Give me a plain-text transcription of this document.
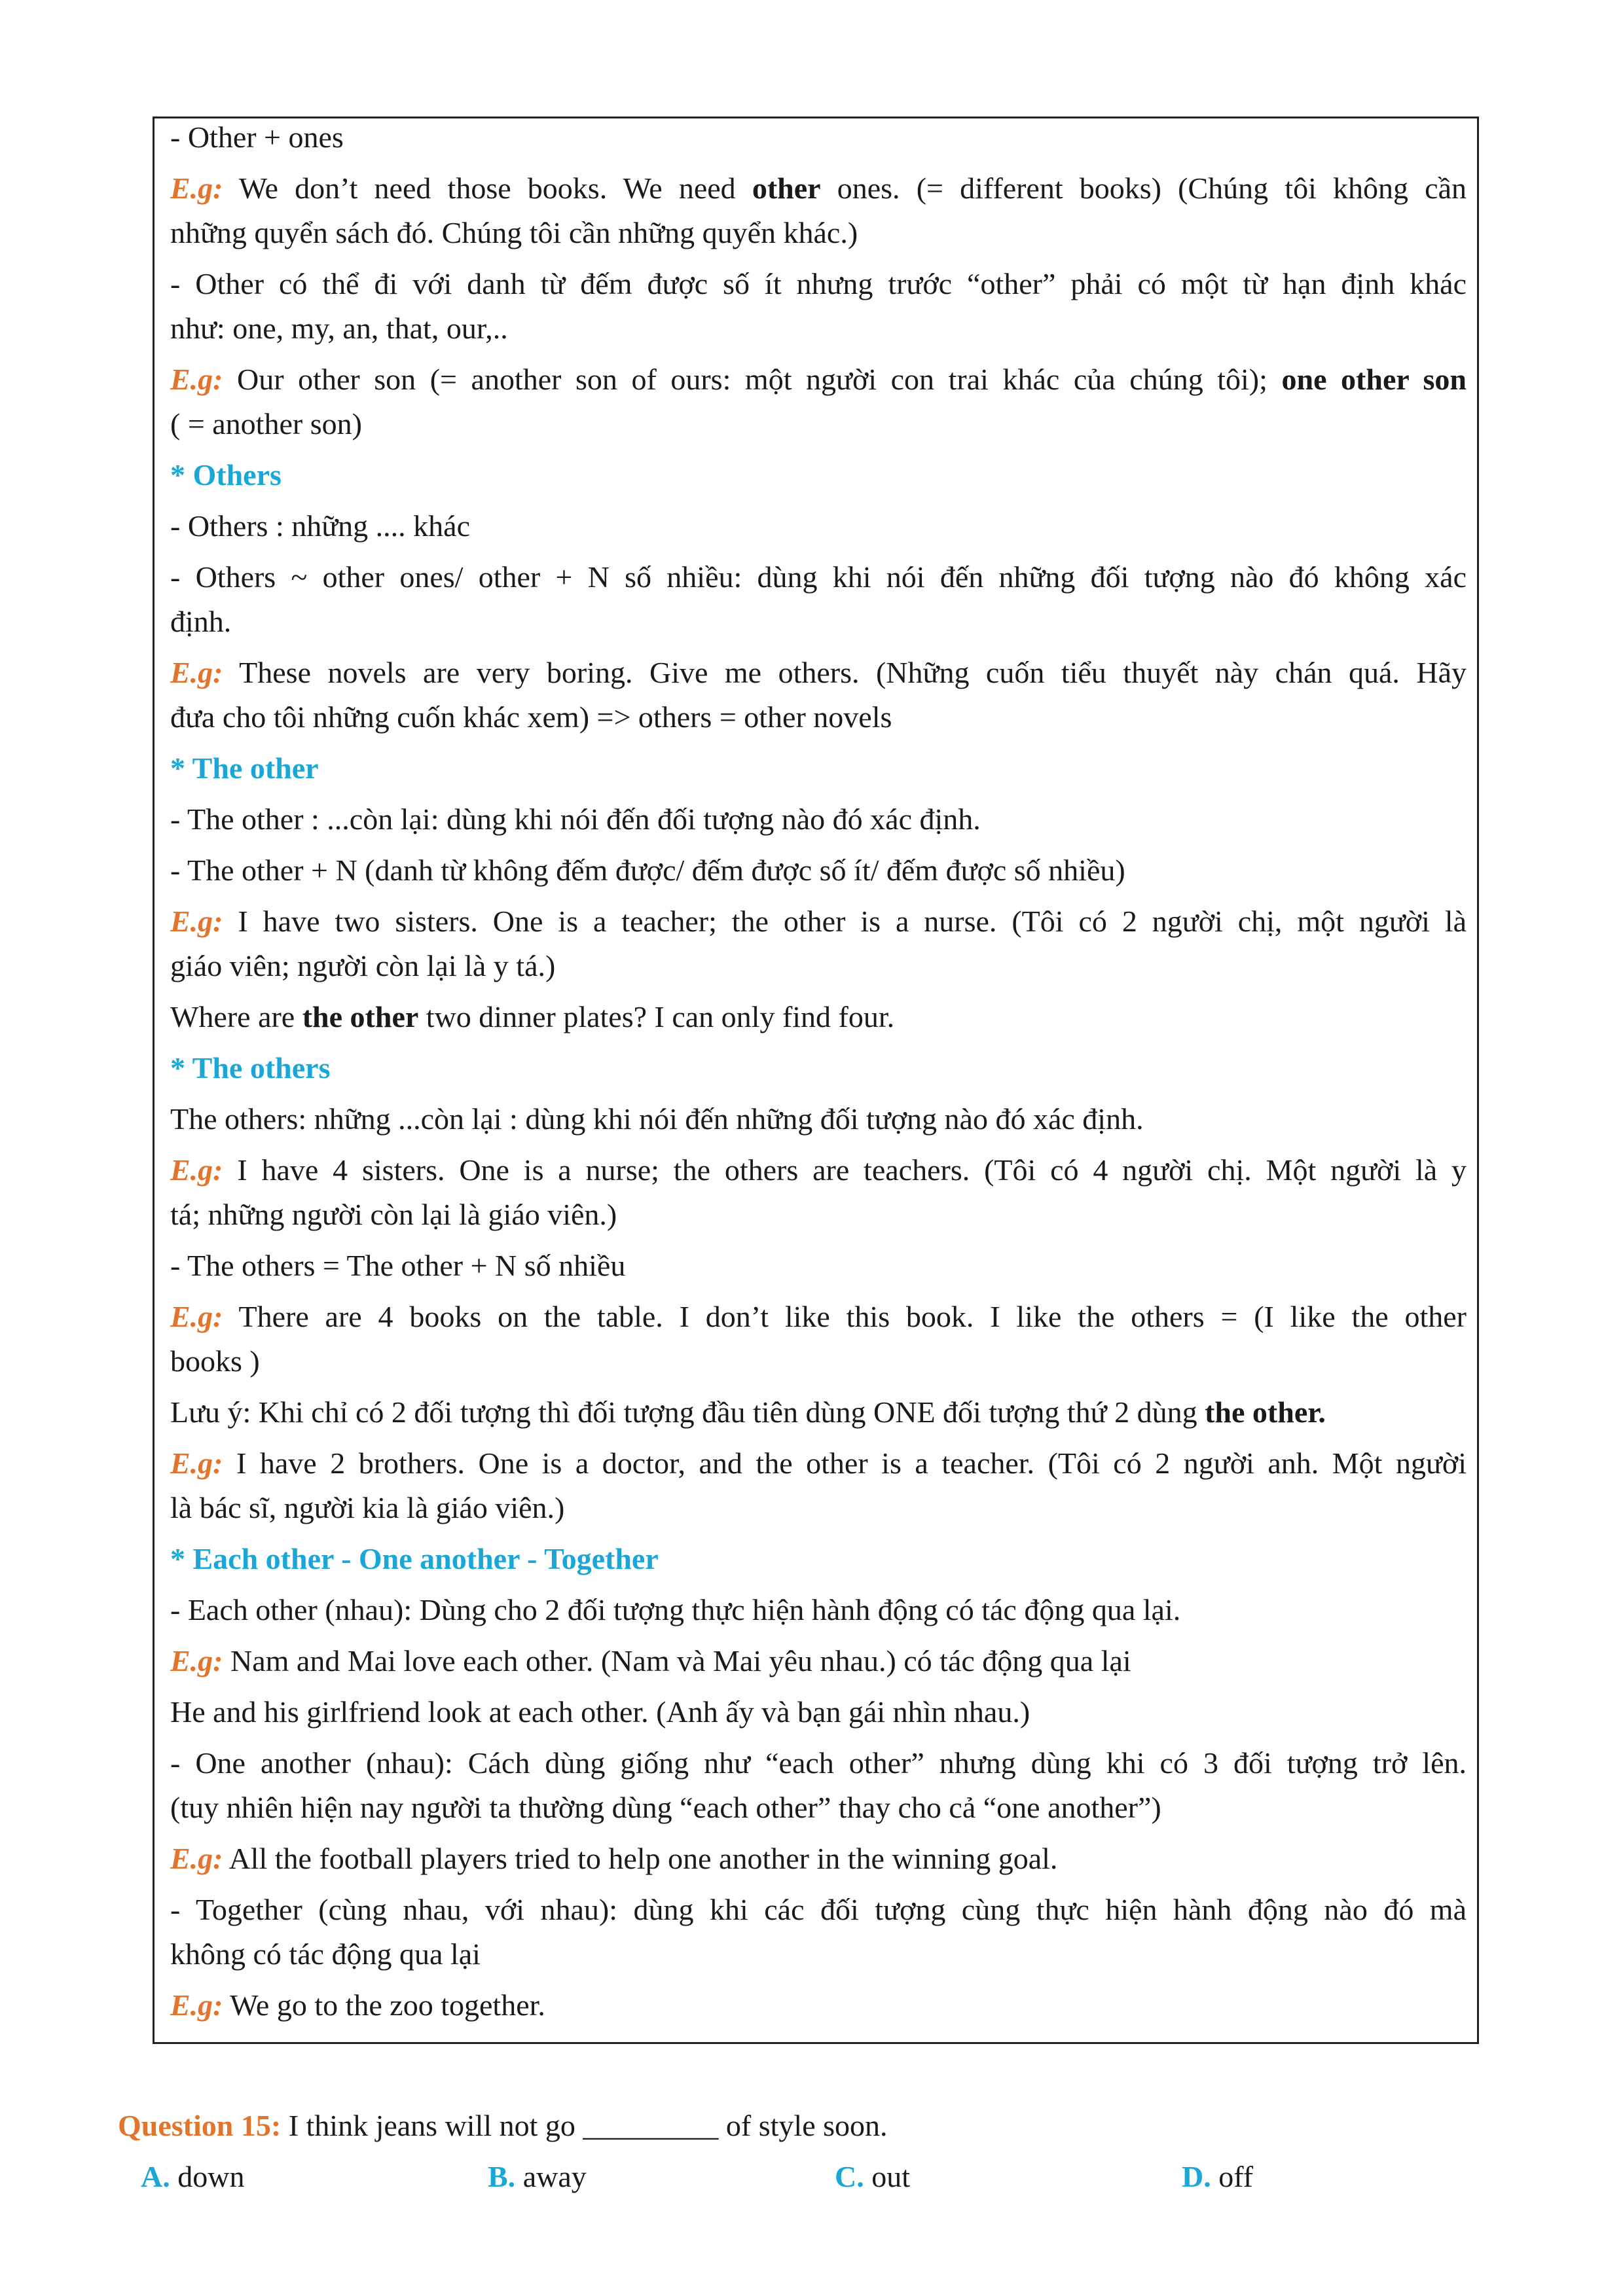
- Other + ones
E.g: We don’t need those books. We need other ones. (= different books) (Chúng tôi không cần
những quyển sách đó. Chúng tôi cần những quyển khác.)
- Other có thể đi với danh từ đếm được số ít nhưng trước “other” phải có một từ hạn định khác
như: one, my, an, that, our,..
E.g: Our other son (= another son of ours: một người con trai khác của chúng tôi); one other son
( = another son)
* Others
- Others : những .... khác
- Others ~ other ones/ other + N số nhiều: dùng khi nói đến những đối tượng nào đó không xác
định.
E.g: These novels are very boring. Give me others. (Những cuốn tiểu thuyết này chán quá. Hãy
đưa cho tôi những cuốn khác xem) => others = other novels
* The other
- The other : ...còn lại: dùng khi nói đến đối tượng nào đó xác định.
- The other + N (danh từ không đếm được/ đếm được số ít/ đếm được số nhiều)
E.g: I have two sisters. One is a teacher; the other is a nurse. (Tôi có 2 người chị, một người là
giáo viên; người còn lại là y tá.)
Where are the other two dinner plates? I can only find four.
* The others
The others: những ...còn lại : dùng khi nói đến những đối tượng nào đó xác định.
E.g: I have 4 sisters. One is a nurse; the others are teachers. (Tôi có 4 người chị. Một người là y
tá; những người còn lại là giáo viên.)
- The others = The other + N số nhiều
E.g: There are 4 books on the table. I don’t like this book. I like the others = (I like the other
books )
Lưu ý: Khi chỉ có 2 đối tượng thì đối tượng đầu tiên dùng ONE đối tượng thứ 2 dùng the other.
E.g: I have 2 brothers. One is a doctor, and the other is a teacher. (Tôi có 2 người anh. Một người
là bác sĩ, người kia là giáo viên.)
* Each other - One another - Together
- Each other (nhau): Dùng cho 2 đối tượng thực hiện hành động có tác động qua lại.
E.g: Nam and Mai love each other. (Nam và Mai yêu nhau.) có tác động qua lại
He and his girlfriend look at each other. (Anh ấy và bạn gái nhìn nhau.)
- One another (nhau): Cách dùng giống như “each other” nhưng dùng khi có 3 đối tượng trở lên.
(tuy nhiên hiện nay người ta thường dùng “each other” thay cho cả “one another”)
E.g: All the football players tried to help one another in the winning goal.
- Together (cùng nhau, với nhau): dùng khi các đối tượng cùng thực hiện hành động nào đó mà
không có tác động qua lại
E.g: We go to the zoo together.
Question 15: I think jeans will not go _________ of style soon.
A. down	B. away	C. out	D. off
